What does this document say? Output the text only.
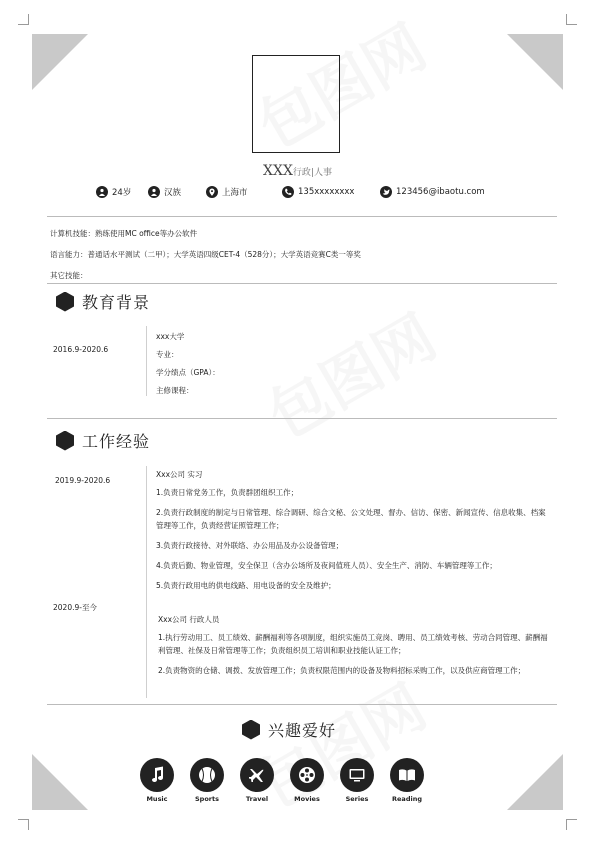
XXX行政|人事
24岁	汉族	上海市	135xxxxxxxx	123456@ibaotu.com
计算机技能：熟练使用MC office等办公软件
语言能力：普通话水平测试（二甲）；大学英语四级CET-4（528分）；大学英语竞赛C类一等奖
其它技能：
教育背景
2016.9-2020.6
xxx大学
专业：
学分绩点（GPA）：
主修课程：
工作经验
2019.9-2020.6
Xxx公司 实习

1.负责日常党务工作，负责群团组织工作；

2.负责行政制度的制定与日常管理、综合调研、综合文秘、公文处理、督办、信访、保密、新闻宣传、信息收集、档案管理等工作，负责经营证照管理工作；

3.负责行政接待、对外联络、办公用品及办公设备管理；

4.负责后勤、物业管理，安全保卫（含办公场所及夜间值班人员）、安全生产、消防、车辆管理等工作；

5.负责行政用电的供电线路、用电设备的安全及维护；

2020.9-至今
Xxx公司 行政人员

1.执行劳动用工、员工绩效、薪酬福利等各项制度，组织实施员工竞岗、聘用、员工绩效考核、劳动合同管理、薪酬福利管理、社保及日常管理等工作；负责组织员工培训和职业技能认证工作；

2.负责物资的仓储、调拨、发放管理工作；负责权限范围内的设备及物料招标采购工作，以及供应商管理工作；

兴趣爱好
Music	Sports	Travel	Movies	Series	Reading
